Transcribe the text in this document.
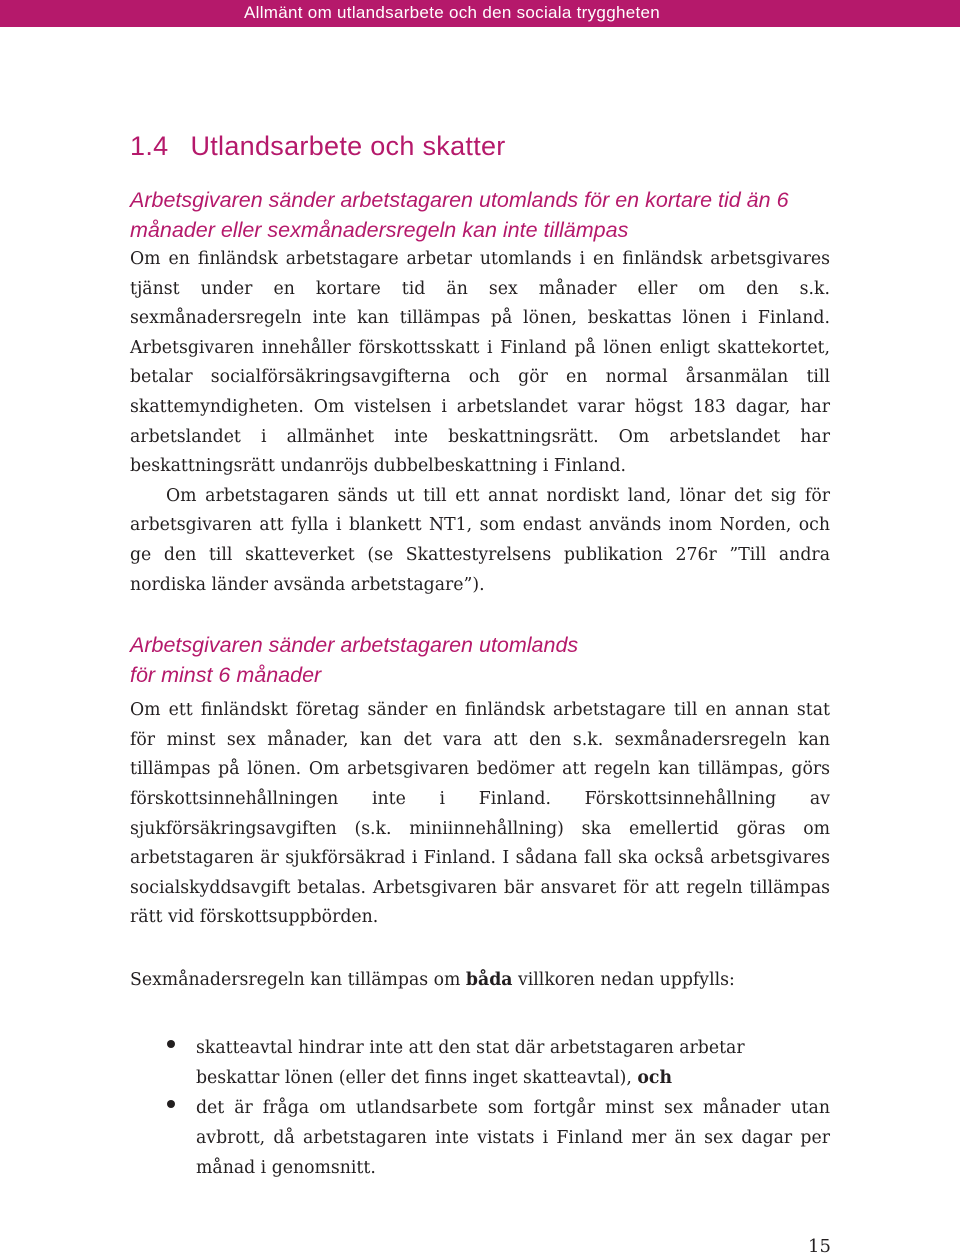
Allmänt om utlandsarbete och den sociala tryggheten
1.4 Utlandsarbete och skatter
Arbetsgivaren sänder arbetstagaren utomlands för en kortare tid än 6 månader eller sexmånadersregeln kan inte tillämpas

Om en finländsk arbetstagare arbetar utomlands i en finländsk arbetsgivares tjänst under en kortare tid än sex månader eller om den s.k. sexmånadersregeln inte kan tillämpas på lönen, beskattas lönen i Finland. Arbetsgivaren innehåller förskottsskatt i Finland på lönen enligt skattekortet, betalar socialförsäkringsavgifterna och gör en normal årsanmälan till skattemyndigheten. Om vistelsen i arbetslandet varar högst 183 dagar, har arbetslandet i allmänhet inte beskattningsrätt. Om arbetslandet har beskattningsrätt undanröjs dubbelbeskattning i Finland.

Om arbetstagaren sänds ut till ett annat nordiskt land, lönar det sig för arbetsgivaren att fylla i blankett NT1, som endast används inom Norden, och ge den till skatteverket (se Skattestyrelsens publikation 276r ”Till andra nordiska länder avsända arbetstagare”).

Arbetsgivaren sänder arbetstagaren utomlands
för minst 6 månader

Om ett finländskt företag sänder en finländsk arbetstagare till en annan stat för minst sex månader, kan det vara att den s.k. sexmånadersregeln kan tillämpas på lönen. Om arbetsgivaren bedömer att regeln kan tillämpas, görs förskottsinnehållningen inte i Finland. Förskottsinnehållning av sjukförsäkringsavgiften (s.k. miniinnehållning) ska emellertid göras om arbetstagaren är sjukförsäkrad i Finland. I sådana fall ska också arbetsgivares socialskyddsavgift betalas. Arbetsgivaren bär ansvaret för att regeln tillämpas rätt vid förskottsuppbörden.

Sexmånadersregeln kan tillämpas om båda villkoren nedan uppfylls:

skatteavtal hindrar inte att den stat där arbetstagaren arbetar beskattar lönen (eller det finns inget skatteavtal), och
det är fråga om utlandsarbete som fortgår minst sex månader utan avbrott, då arbetstagaren inte vistats i Finland mer än sex dagar per månad i genomsnitt.
15
